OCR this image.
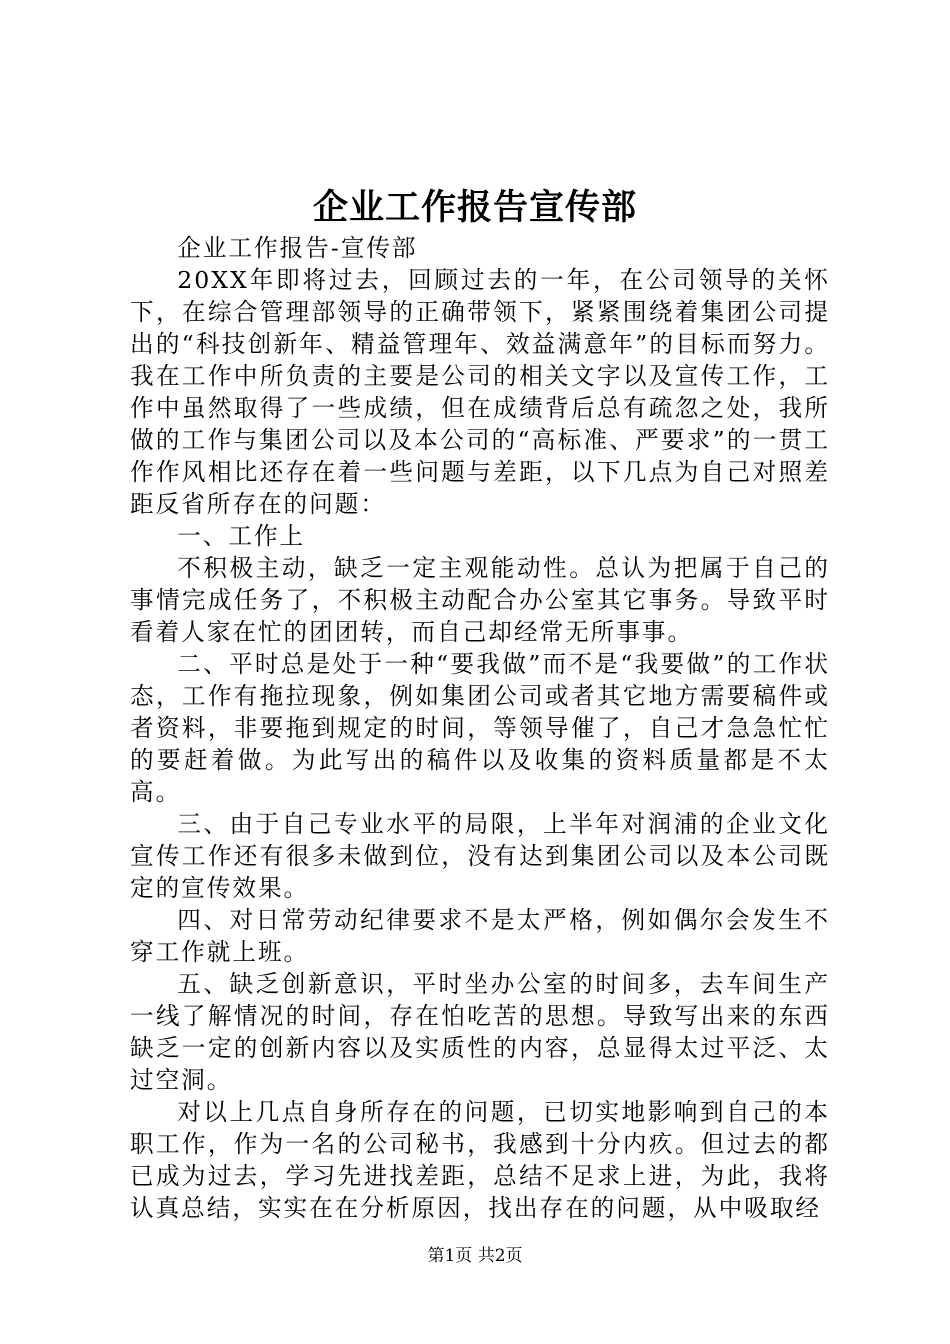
企业工作报告宣传部

企业工作报告-宣传部

20XX年即将过去，回顾过去的一年，在公司领导的关怀下，在综合管理部领导的正确带领下，紧紧围绕着集团公司提出的“科技创新年、精益管理年、效益满意年”的目标而努力。我在工作中所负责的主要是公司的相关文字以及宣传工作，工作中虽然取得了一些成绩，但在成绩背后总有疏忽之处，我所做的工作与集团公司以及本公司的“高标准、严要求”的一贯工作作风相比还存在着一些问题与差距，以下几点为自己对照差距反省所存在的问题：

一、工作上

不积极主动，缺乏一定主观能动性。总认为把属于自己的事情完成任务了，不积极主动配合办公室其它事务。导致平时看着人家在忙的团团转，而自己却经常无所事事。

二、平时总是处于一种“要我做”而不是“我要做”的工作状态，工作有拖拉现象，例如集团公司或者其它地方需要稿件或者资料，非要拖到规定的时间，等领导催了，自己才急急忙忙的要赶着做。为此写出的稿件以及收集的资料质量都是不太高。

三、由于自己专业水平的局限，上半年对润浦的企业文化宣传工作还有很多未做到位，没有达到集团公司以及本公司既定的宣传效果。

四、对日常劳动纪律要求不是太严格，例如偶尔会发生不穿工作就上班。

五、缺乏创新意识，平时坐办公室的时间多，去车间生产一线了解情况的时间，存在怕吃苦的思想。导致写出来的东西缺乏一定的创新内容以及实质性的内容，总显得太过平泛、太过空洞。

对以上几点自身所存在的问题，已切实地影响到自己的本职工作，作为一名的公司秘书，我感到十分内疚。但过去的都已成为过去，学习先进找差距，总结不足求上进，为此，我将认真总结，实实在在分析原因，找出存在的问题，从中吸取经

第1页 共2页
